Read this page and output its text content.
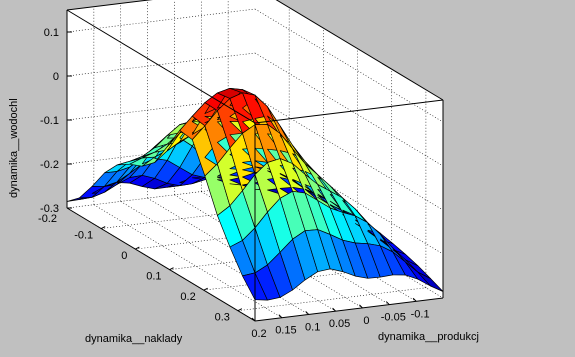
-0.3
-0.2
-0.1
0
0.1
-0.1
0
0.1
0.2
0.3
-0.2
-0.1
-0.05
0
0.05
0.1
0.15
0.2	dynamika__produkcj
dynamika__naklady
dynamika__wodochl
